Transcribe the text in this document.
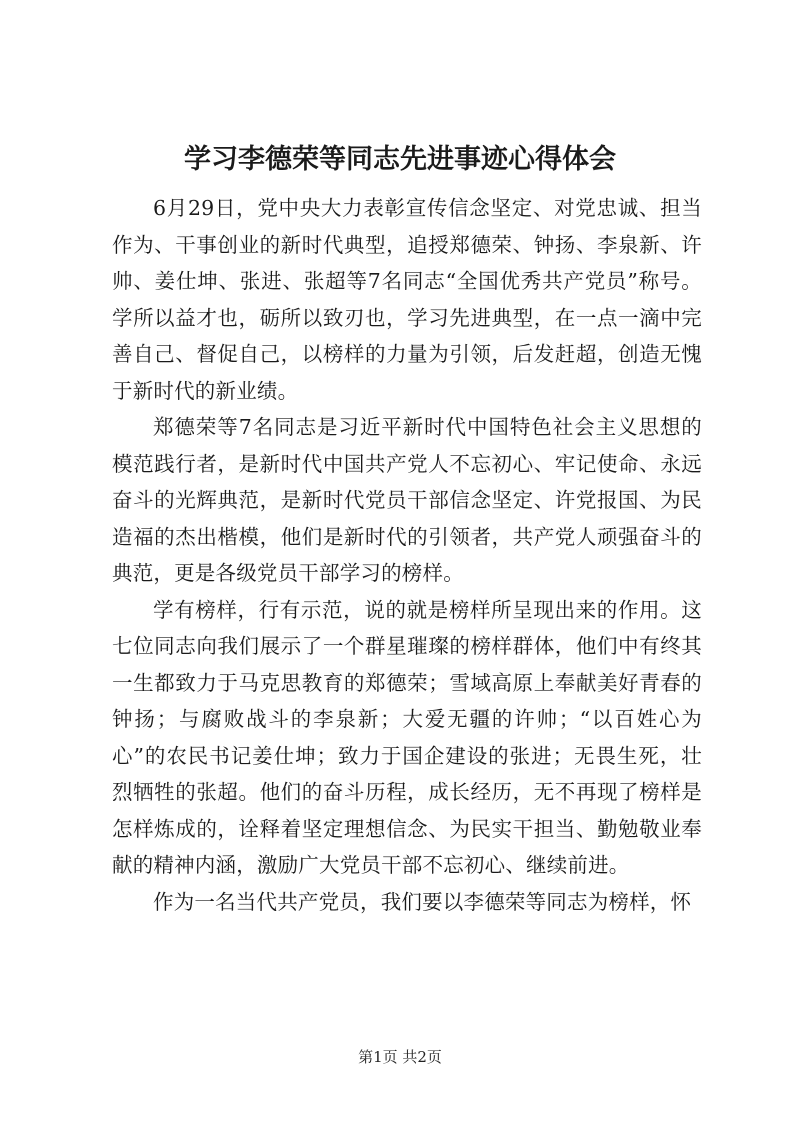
学习李德荣等同志先进事迹心得体会

6月29日，党中央大力表彰宣传信念坚定、对党忠诚、担当作为、干事创业的新时代典型，追授郑德荣、钟扬、李泉新、许帅、姜仕坤、张进、张超等7名同志“全国优秀共产党员”称号。学所以益才也，砺所以致刃也，学习先进典型，在一点一滴中完善自己、督促自己，以榜样的力量为引领，后发赶超，创造无愧于新时代的新业绩。

郑德荣等7名同志是习近平新时代中国特色社会主义思想的模范践行者，是新时代中国共产党人不忘初心、牢记使命、永远奋斗的光辉典范，是新时代党员干部信念坚定、许党报国、为民造福的杰出楷模，他们是新时代的引领者，共产党人顽强奋斗的典范，更是各级党员干部学习的榜样。

学有榜样，行有示范，说的就是榜样所呈现出来的作用。这七位同志向我们展示了一个群星璀璨的榜样群体，他们中有终其一生都致力于马克思教育的郑德荣；雪域高原上奉献美好青春的钟扬；与腐败战斗的李泉新；大爱无疆的许帅；“以百姓心为心”的农民书记姜仕坤；致力于国企建设的张进；无畏生死，壮烈牺牲的张超。他们的奋斗历程，成长经历，无不再现了榜样是怎样炼成的，诠释着坚定理想信念、为民实干担当、勤勉敬业奉献的精神内涵，激励广大党员干部不忘初心、继续前进。

作为一名当代共产党员，我们要以李德荣等同志为榜样，怀

第1页 共2页
